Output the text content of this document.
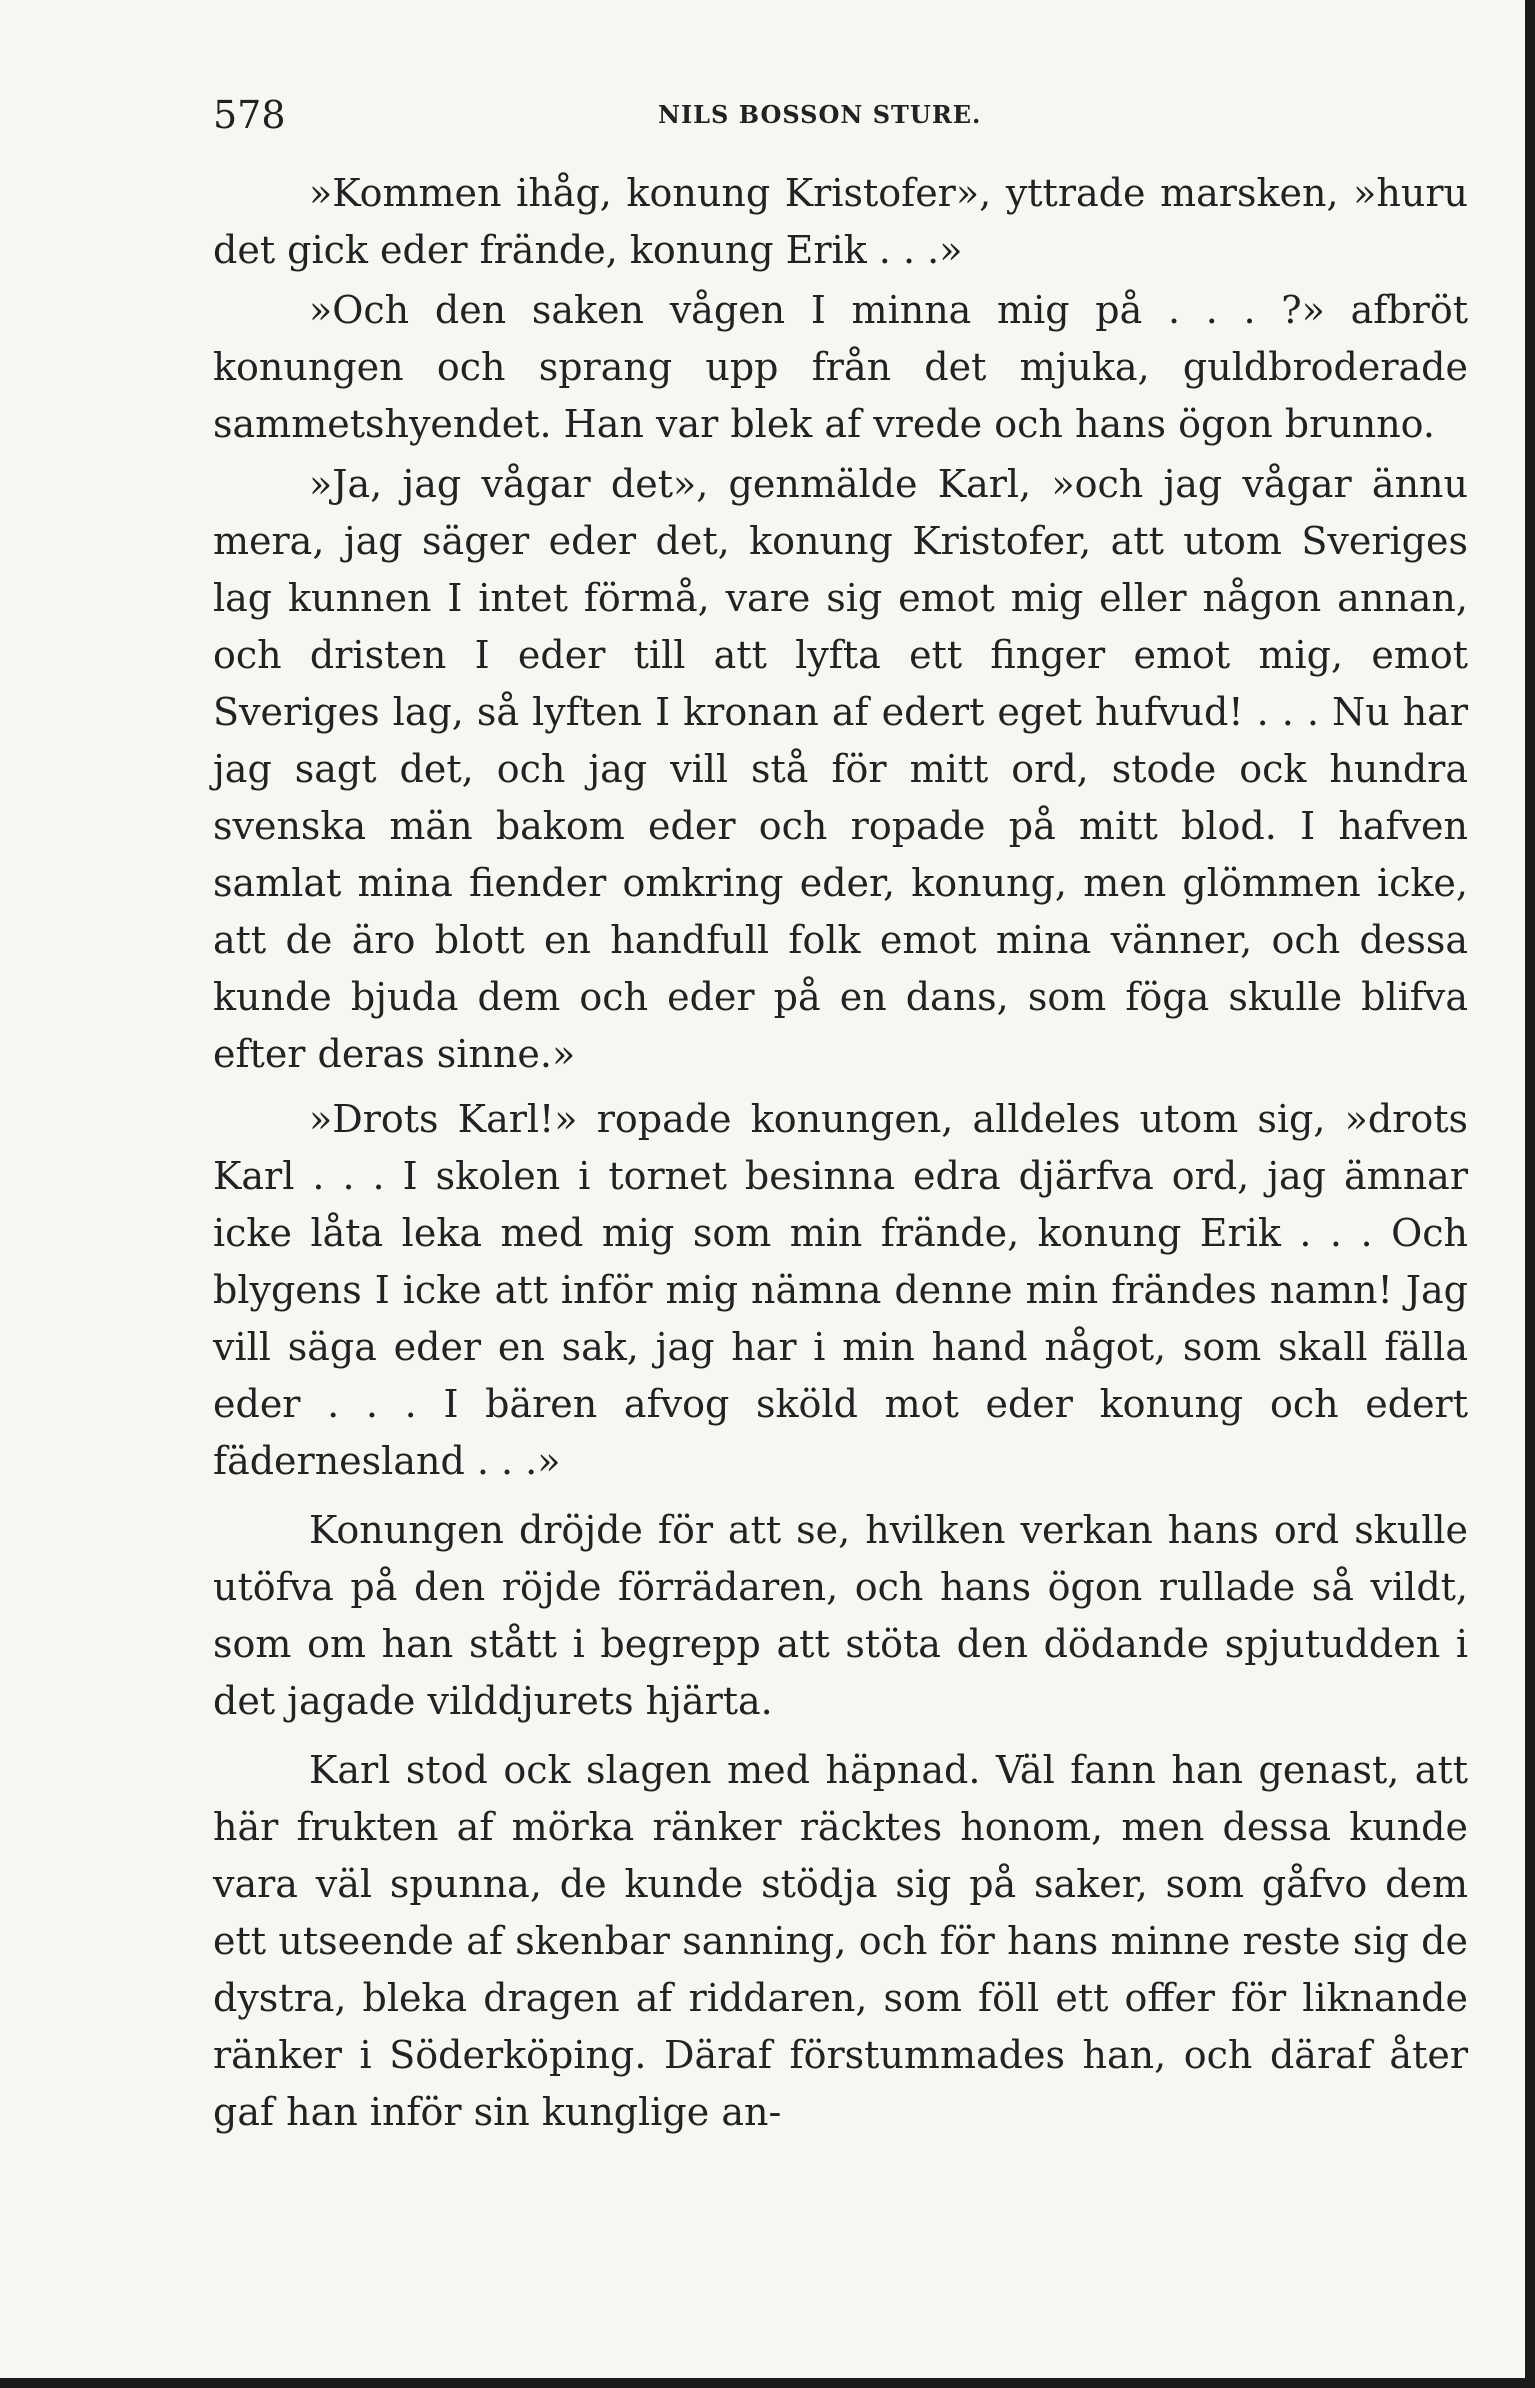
578	NILS BOSSON STURE.

»Kommen ihåg, konung Kristofer», yttrade marsken, »huru det gick eder frände, konung Erik . . .»

»Och den saken vågen I minna mig på . . . ?» afbröt konungen och sprang upp från det mjuka, guldbroderade sammetshyendet. Han var blek af vrede och hans ögon brunno.

»Ja, jag vågar det», genmälde Karl, »och jag vågar ännu mera, jag säger eder det, konung Kristofer, att utom Sveriges lag kunnen I intet förmå, vare sig emot mig eller någon annan, och dristen I eder till att lyfta ett finger emot mig, emot Sveriges lag, så lyften I kronan af edert eget hufvud! . . . Nu har jag sagt det, och jag vill stå för mitt ord, stode ock hundra svenska män bakom eder och ropade på mitt blod. I hafven samlat mina fiender omkring eder, konung, men glömmen icke, att de äro blott en handfull folk emot mina vänner, och dessa kunde bjuda dem och eder på en dans, som föga skulle blifva efter deras sinne.»

»Drots Karl!» ropade konungen, alldeles utom sig, »drots Karl . . . I skolen i tornet besinna edra djärfva ord, jag ämnar icke låta leka med mig som min frände, konung Erik . . . Och blygens I icke att inför mig nämna denne min frändes namn! Jag vill säga eder en sak, jag har i min hand något, som skall fälla eder . . . I bären afvog sköld mot eder konung och edert fädernesland . . .»

Konungen dröjde för att se, hvilken verkan hans ord skulle utöfva på den röjde förrädaren, och hans ögon rullade så vildt, som om han stått i begrepp att stöta den dödande spjutudden i det jagade vilddjurets hjärta.

Karl stod ock slagen med häpnad. Väl fann han genast, att här frukten af mörka ränker räcktes honom, men dessa kunde vara väl spunna, de kunde stödja sig på saker, som gåfvo dem ett utseende af skenbar sanning, och för hans minne reste sig de dystra, bleka dragen af riddaren, som föll ett offer för liknande ränker i Söderköping. Däraf förstummades han, och däraf åter gaf han inför sin kunglige an-
